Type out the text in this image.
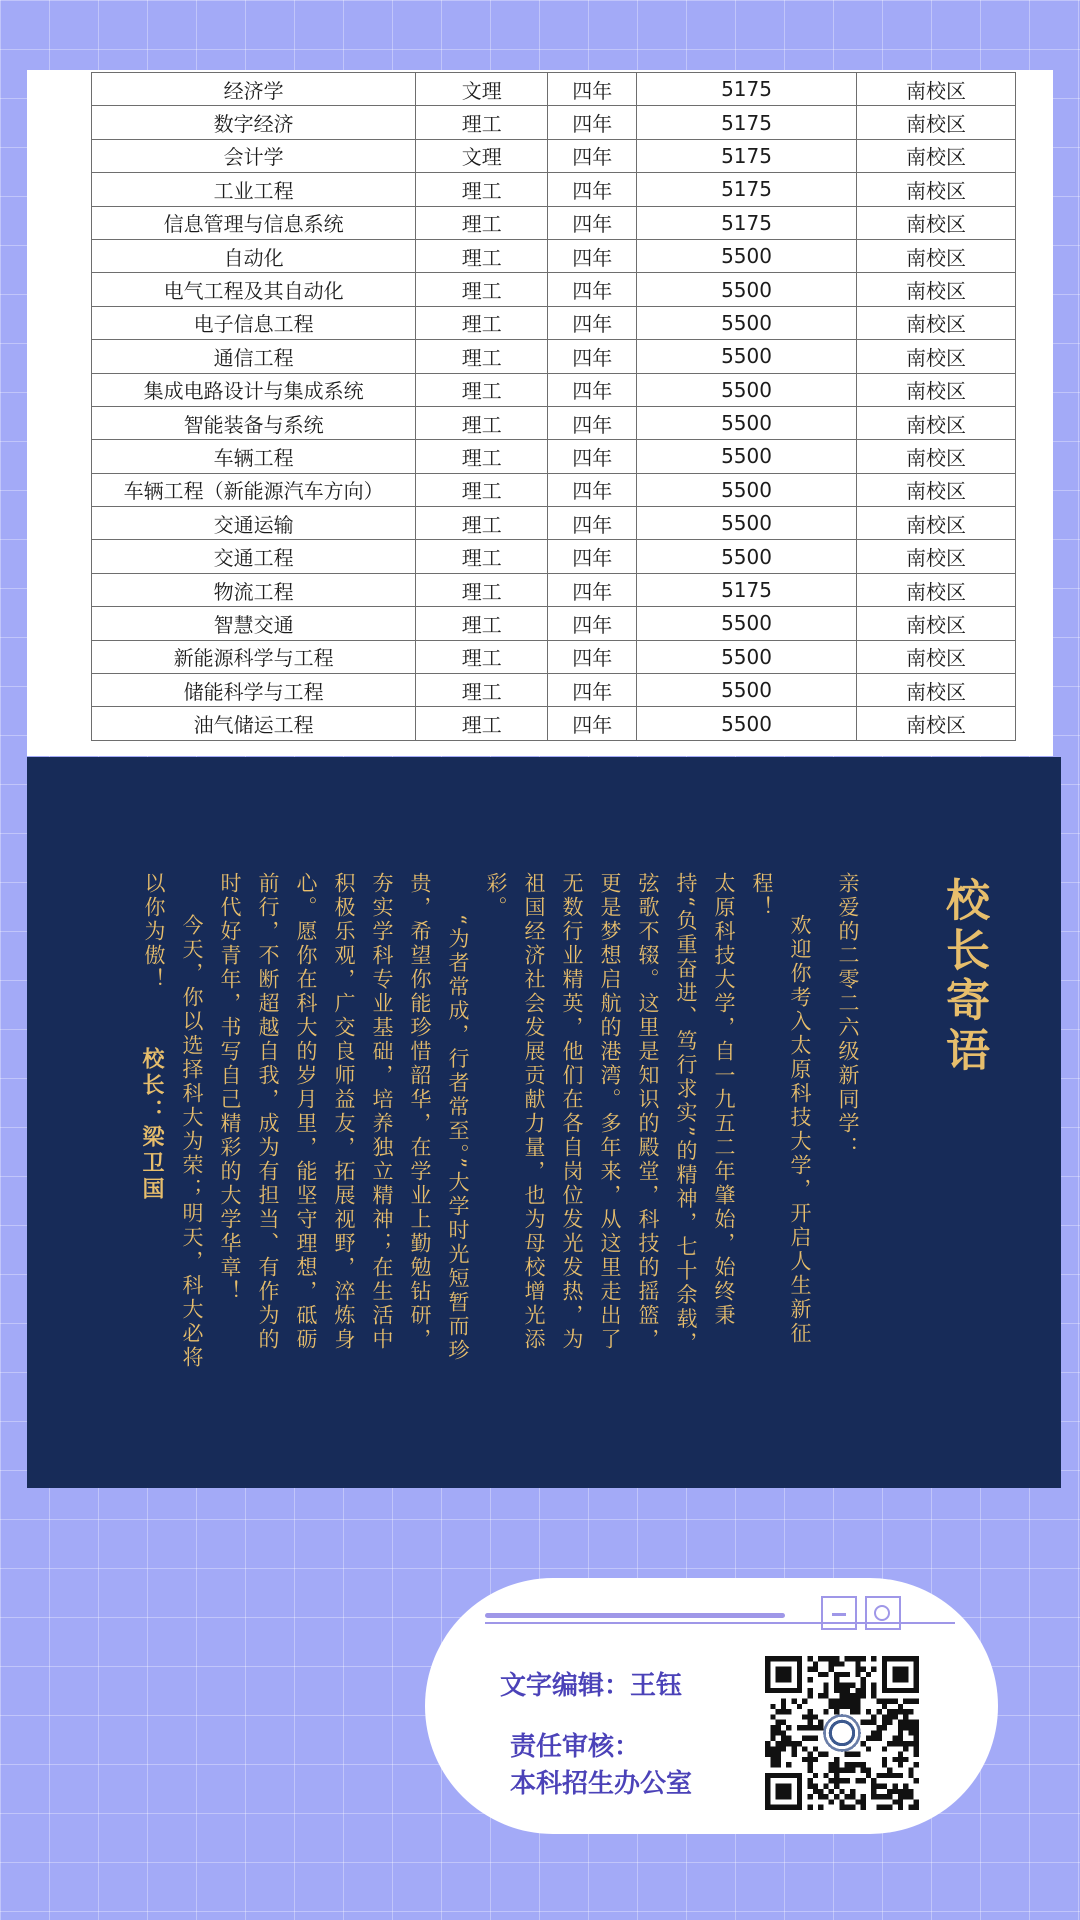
经济学	文理	四年	5175	南校区
数字经济	理工	四年	5175	南校区
会计学	文理	四年	5175	南校区
工业工程	理工	四年	5175	南校区
信息管理与信息系统	理工	四年	5175	南校区
自动化	理工	四年	5500	南校区
电气工程及其自动化	理工	四年	5500	南校区
电子信息工程	理工	四年	5500	南校区
通信工程	理工	四年	5500	南校区
集成电路设计与集成系统	理工	四年	5500	南校区
智能装备与系统	理工	四年	5500	南校区
车辆工程	理工	四年	5500	南校区
车辆工程（新能源汽车方向）	理工	四年	5500	南校区
交通运输	理工	四年	5500	南校区
交通工程	理工	四年	5500	南校区
物流工程	理工	四年	5175	南校区
智慧交通	理工	四年	5500	南校区
新能源科学与工程	理工	四年	5500	南校区
储能科学与工程	理工	四年	5500	南校区
油气储运工程	理工	四年	5500	南校区
校长寄语

亲爱的二零二六级新同学：

欢迎你考入太原科技大学，开启人生新征程！

太原科技大学，自一九五二年肇始，始终秉持“负重奋进、笃行求实”的精神，七十余载，弦歌不辍。这里是知识的殿堂，科技的摇篮，更是梦想启航的港湾。多年来，从这里走出了无数行业精英，他们在各自岗位发光发热，为祖国经济社会发展贡献力量，也为母校增光添彩。

“为者常成，行者常至。”大学时光短暂而珍贵，希望你能珍惜韶华，在学业上勤勉钻研，夯实学科专业基础，培养独立精神；在生活中积极乐观，广交良师益友，拓展视野，淬炼身心。愿你在科大的岁月里，能坚守理想，砥砺前行，不断超越自我，成为有担当、有作为的时代好青年，书写自己精彩的大学华章！

今天，你以选择科大为荣；明天，科大必将以你为傲！

校长：梁卫国
文字编辑：王钰
责任审核：
本科招生办公室
